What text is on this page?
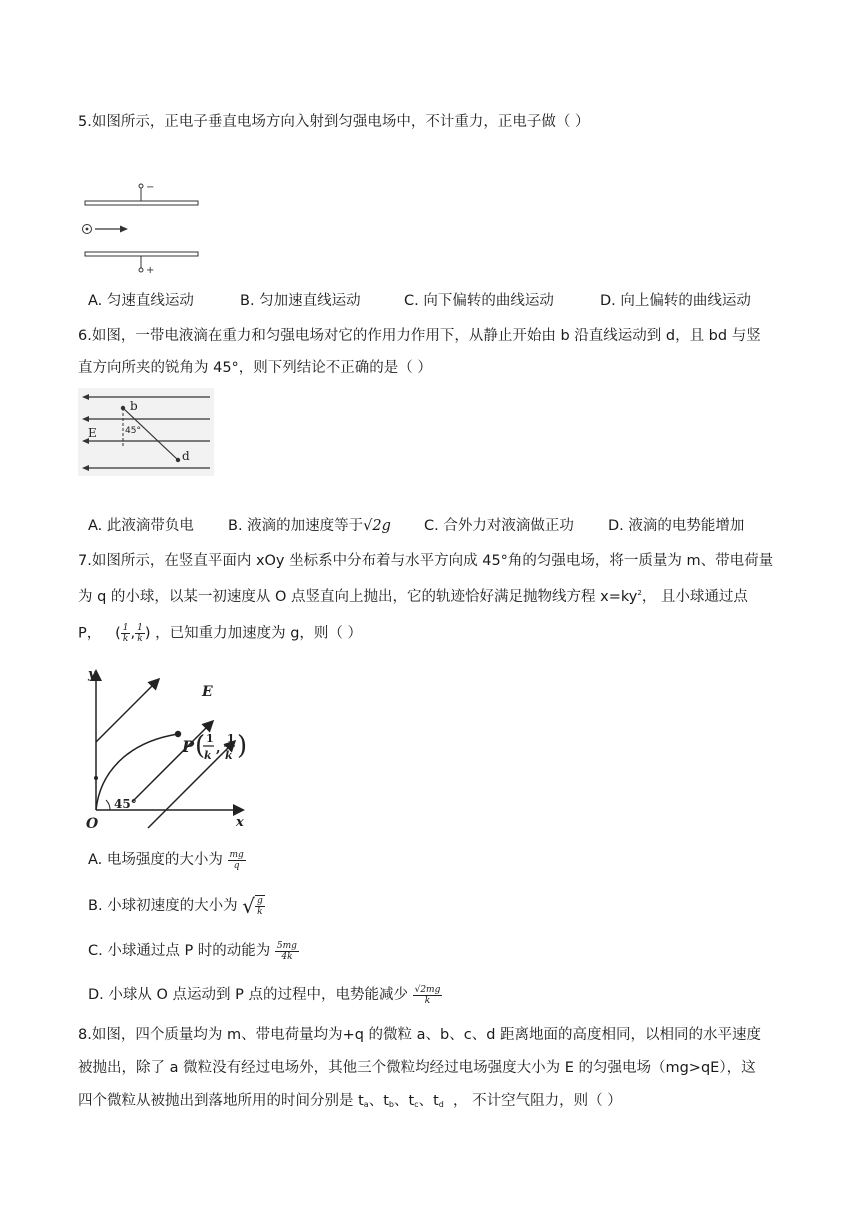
5.如图所示，正电子垂直电场方向入射到匀强电场中，不计重力，正电子做（ ）
−
+
A. 匀速直线运动	B. 匀加速直线运动	C. 向下偏转的曲线运动	D. 向上偏转的曲线运动
6.如图，一带电液滴在重力和匀强电场对它的作用力作用下，从静止开始由 b 沿直线运动到 d，且 bd 与竖
直方向所夹的锐角为 45°，则下列结论不正确的是（ ）
b
d
E	45°
A. 此液滴带负电 B. 液滴的加速度等于√2g C. 合外力对液滴做正功 D. 液滴的电势能增加
7.如图所示，在竖直平面内 xOy 坐标系中分布着与水平方向成 45°角的匀强电场，将一质量为 m、带电荷量
为 q 的小球，以某一初速度从 O 点竖直向上抛出，它的轨迹恰好满足抛物线方程 $x=ky^2$， 且小球通过点
P，   ( $\frac{1}{k}$ , $\frac{1}{k}$ ) ，已知重力加速度为 g，则（ ）
y
x
O
45°
E
P ( 1
k ,
1
k )
A. 电场强度的大小为 $\frac{mg}{q}$
B. 小球初速度的大小为 √ $\frac{g}{k}$
C. 小球通过点 P 时的动能为 $\frac{5mg}{4k}$
D. 小球从 O 点运动到 P 点的过程中，电势能减少 $\frac{√2mg}{k}$
8.如图，四个质量均为 m、带电荷量均为+q 的微粒 a、b、c、d 距离地面的高度相同，以相同的水平速度
被抛出，除了 a 微粒没有经过电场外，其他三个微粒均经过电场强度大小为 E 的匀强电场（mg>qE），这
四个微粒从被抛出到落地所用的时间分别是 $t_a$、$t_b$、$t_c$、$t_d$ ， 不计空气阻力，则（ ）
